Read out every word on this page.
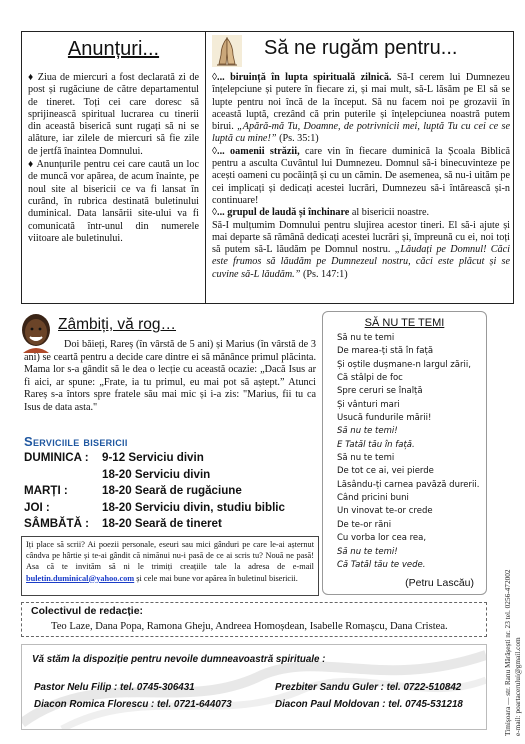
Anunțuri...

♦ Ziua de miercuri a fost declarată zi de post și rugăciune de către departamentul de tineret. Toți cei care doresc să sprijinească spiritual lucrarea cu tinerii din această biserică sunt rugați să ni se alăture, iar zilele de miercuri să fie zile de jertfă înaintea Domnului.

♦ Anunțurile pentru cei care caută un loc de muncă vor apărea, de acum înainte, pe noul site al bisericii ce va fi lansat în curând, în rubrica destinată buletinului duminical. Data lansării site-ului va fi comunicată într-unul din numerele viitoare ale buletinului.

Să ne rugăm pentru...

◊... biruință în lupta spirituală zilnică. Să-I cerem lui Dumnezeu înțelepciune și putere în fiecare zi, și mai mult, să-L lăsăm pe El să se lupte pentru noi încă de la început. Să nu facem noi pe grozavii în această luptă, crezând că prin puterile și înțelepciunea noastră putem birui. „Apără-mă Tu, Doamne, de potrivnicii mei, luptă Tu cu cei ce se luptă cu mine!” (Ps. 35:1)

◊... oamenii străzii, care vin în fiecare duminică la Școala Biblică pentru a asculta Cuvântul lui Dumnezeu. Domnul să-i binecuvinteze pe acești oameni cu pocăință și cu un cămin. De asemenea, să nu-i uităm pe cei implicați și dedicați acestei lucrări, Dumnezeu să-i întărească și-n continuare!

◊... grupul de laudă și închinare al bisericii noastre.

Să-I mulțumim Domnului pentru slujirea acestor tineri. El să-i ajute și mai departe să rămână dedicați acestei lucrări și, împreună cu ei, noi toți să putem să-L lăudăm pe Domnul nostru. „Lăudați pe Domnul! Căci este frumos să lăudăm pe Dumnezeul nostru, căci este plăcut și se cuvine să-L lăudăm.” (Ps. 147:1)

Zâmbiți, vă rog…
Doi băieți, Rareș (în vârstă de 5 ani) și Marius (în vârstă de 3 ani) se ceartă pentru a decide care dintre ei să mănânce primul plăcinta. Mama lor s-a gândit să le dea o lecție cu această ocazie: „Dacă Isus ar fi aici, ar spune: „Frate, ia tu primul, eu mai pot să aștept.” Atunci Rareș s-a întors spre fratele său mai mic și i-a zis: "Marius, fii tu ca Isus de data asta."
Serviciile bisericii
DUMINICA : 9-12 Serviciu divin
18-20 Serviciu divin
MARȚI :	18-20 Seară de rugăciune
JOI :	18-20 Serviciu divin, studiu biblic
SÂMBĂTĂ : 18-20 Seară de tineret
Iți place să scrii? Ai poezii personale, eseuri sau mici gânduri pe care le-ai așternut cândva pe hârtie și te-ai gândit că nimănui nu-i pasă de ce ai scris tu? Nouă ne pasă! Asa că te invităm să ni le trimiți creațiile tale la adresa de e-mail buletin.duminical@yahoo.com și cele mai bune vor apărea în buletinul bisericii.
SĂ NU TE TEMI
Să nu te temi
De marea-ți stă în față
Și oștile dușmane-n largul zării,
Că stâlpi de foc
Spre ceruri se înalță
Și vânturi mari
Usucă fundurile mării!
Să nu te temi!
E Tatăl tău în față.
Să nu te temi
De tot ce ai, vei pierde
Lăsându-ți carnea pavăză durerii.
Când pricini buni
Un vinovat te-or crede
De te-or răni
Cu vorba lor cea rea,
Să nu te temi!
Că Tatăl tău te vede.
(Petru Lascău)
Colectivul de redacție:
Teo Laze, Dana Popa, Ramona Gheju, Andreea Homoșdean, Isabelle Romașcu, Dana Cristea.
Vă stăm la dispoziție pentru nevoile dumneavoastră spirituale :
Pastor Nelu Filip : tel. 0745-306431	Prezbiter Sandu Guler : tel. 0722-510842
Diacon Romica Florescu : tel. 0721-644073	Diacon Paul Moldovan : tel. 0745-531218	Timișoara — str. Ranu Mărășești nr. 23 tel. 0256-472002 e-mail: poartacerului@gmail.com
